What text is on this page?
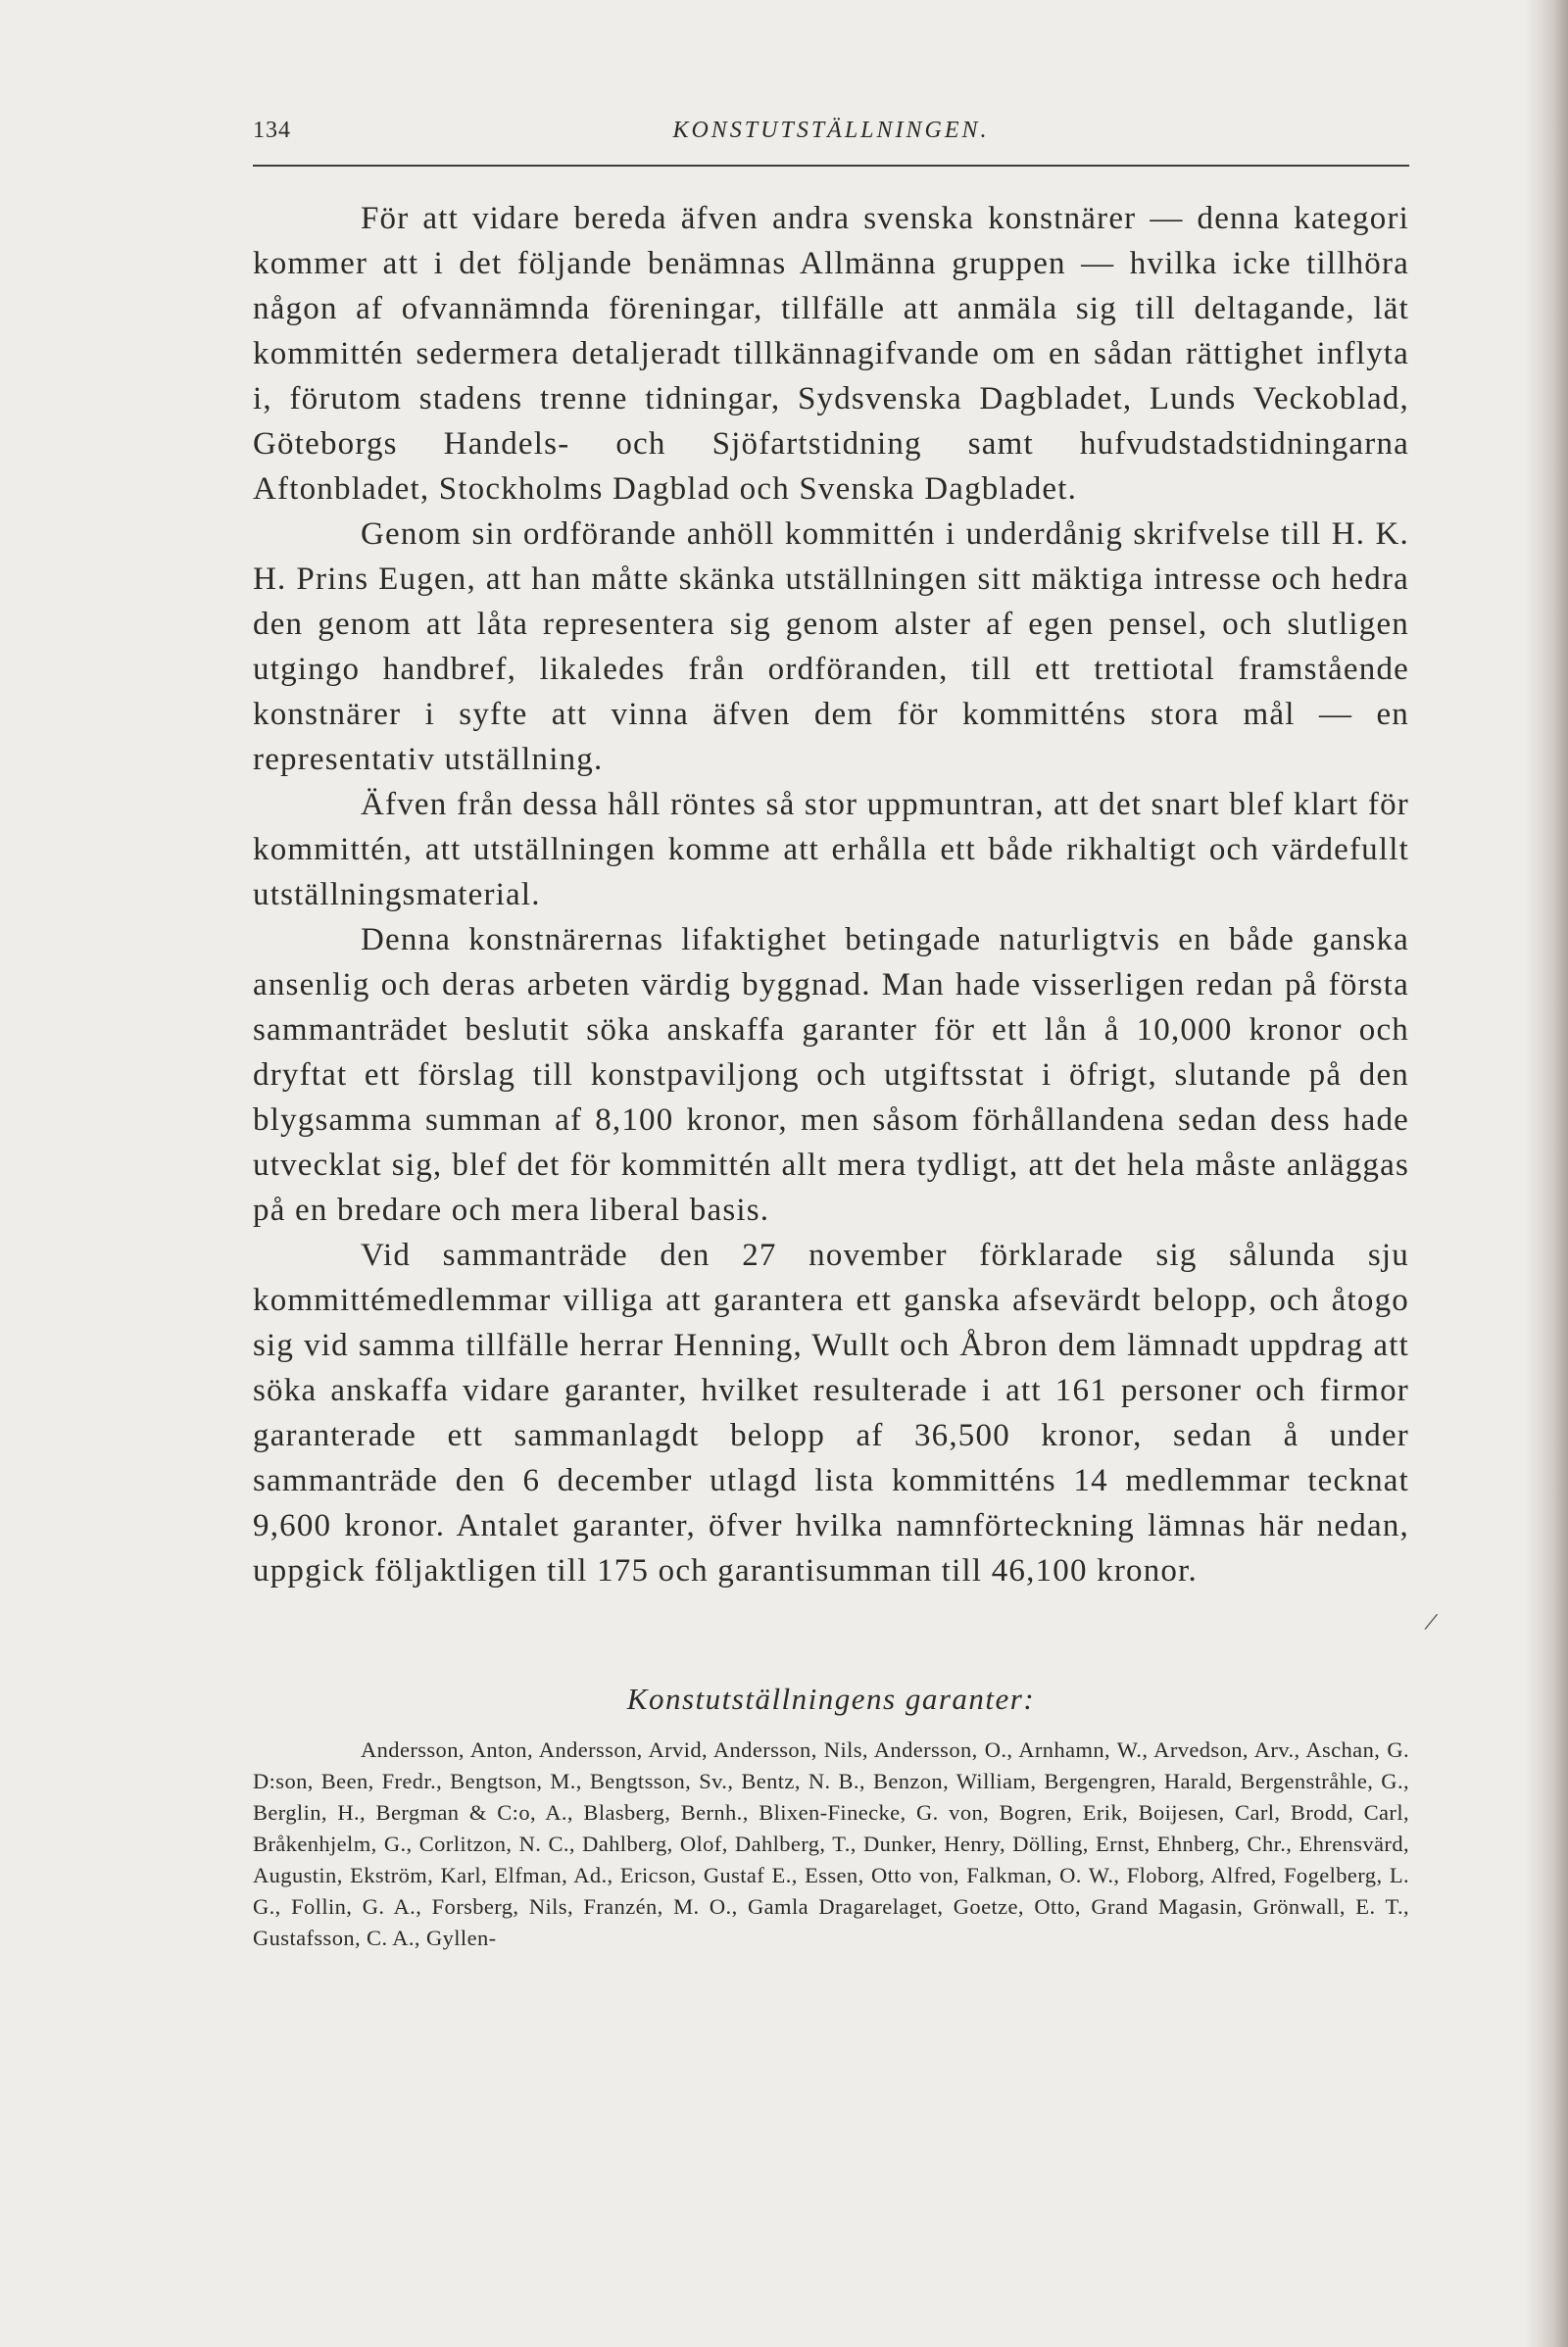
134	KONSTUTSTÄLLNINGEN.

För att vidare bereda äfven andra svenska konstnärer — denna kategori kommer att i det följande benämnas Allmänna gruppen — hvilka icke tillhöra någon af ofvannämnda föreningar, tillfälle att anmäla sig till deltagande, lät kommittén sedermera detaljeradt tillkännagifvande om en sådan rättighet inflyta i, förutom stadens trenne tidningar, Sydsvenska Dagbladet, Lunds Veckoblad, Göteborgs Handels- och Sjöfartstidning samt hufvudstadstidningarna Aftonbladet, Stockholms Dagblad och Svenska Dagbladet.

Genom sin ordförande anhöll kommittén i underdånig skrifvelse till H. K. H. Prins Eugen, att han måtte skänka utställningen sitt mäktiga intresse och hedra den genom att låta representera sig genom alster af egen pensel, och slutligen utgingo handbref, likaledes från ordföranden, till ett trettiotal framstående konstnärer i syfte att vinna äfven dem för kommitténs stora mål — en representativ utställning.

Äfven från dessa håll röntes så stor uppmuntran, att det snart blef klart för kommittén, att utställningen komme att erhålla ett både rikhaltigt och värdefullt utställningsmaterial.

Denna konstnärernas lifaktighet betingade naturligtvis en både ganska ansenlig och deras arbeten värdig byggnad. Man hade visserligen redan på första sammanträdet beslutit söka anskaffa garanter för ett lån å 10,000 kronor och dryftat ett förslag till konstpaviljong och utgiftsstat i öfrigt, slutande på den blygsamma summan af 8,100 kronor, men såsom förhållandena sedan dess hade utvecklat sig, blef det för kommittén allt mera tydligt, att det hela måste anläggas på en bredare och mera liberal basis.

Vid sammanträde den 27 november förklarade sig sålunda sju kommittémedlemmar villiga att garantera ett ganska afsevärdt belopp, och åtogo sig vid samma tillfälle herrar Henning, Wullt och Åbron dem lämnadt uppdrag att söka anskaffa vidare garanter, hvilket resulterade i att 161 personer och firmor garanterade ett sammanlagdt belopp af 36,500 kronor, sedan å under sammanträde den 6 december utlagd lista kommitténs 14 medlemmar tecknat 9,600 kronor. Antalet garanter, öfver hvilka namnförteckning lämnas här nedan, uppgick följaktligen till 175 och garantisumman till 46,100 kronor.

/
Konstutställningens garanter:
Andersson, Anton, Andersson, Arvid, Andersson, Nils, Andersson, O., Arnhamn, W., Arvedson, Arv., Aschan, G. D:son, Been, Fredr., Bengtson, M., Bengtsson, Sv., Bentz, N. B., Benzon, William, Bergengren, Harald, Bergenstråhle, G., Berglin, H., Bergman & C:o, A., Blasberg, Bernh., Blixen-Finecke, G. von, Bogren, Erik, Boijesen, Carl, Brodd, Carl, Bråkenhjelm, G., Corlitzon, N. C., Dahlberg, Olof, Dahlberg, T., Dunker, Henry, Dölling, Ernst, Ehnberg, Chr., Ehrensvärd, Augustin, Ekström, Karl, Elfman, Ad., Ericson, Gustaf E., Essen, Otto von, Falkman, O. W., Floborg, Alfred, Fogelberg, L. G., Follin, G. A., Forsberg, Nils, Franzén, M. O., Gamla Dragarelaget, Goetze, Otto, Grand Magasin, Grönwall, E. T., Gustafsson, C. A., Gyllen-
